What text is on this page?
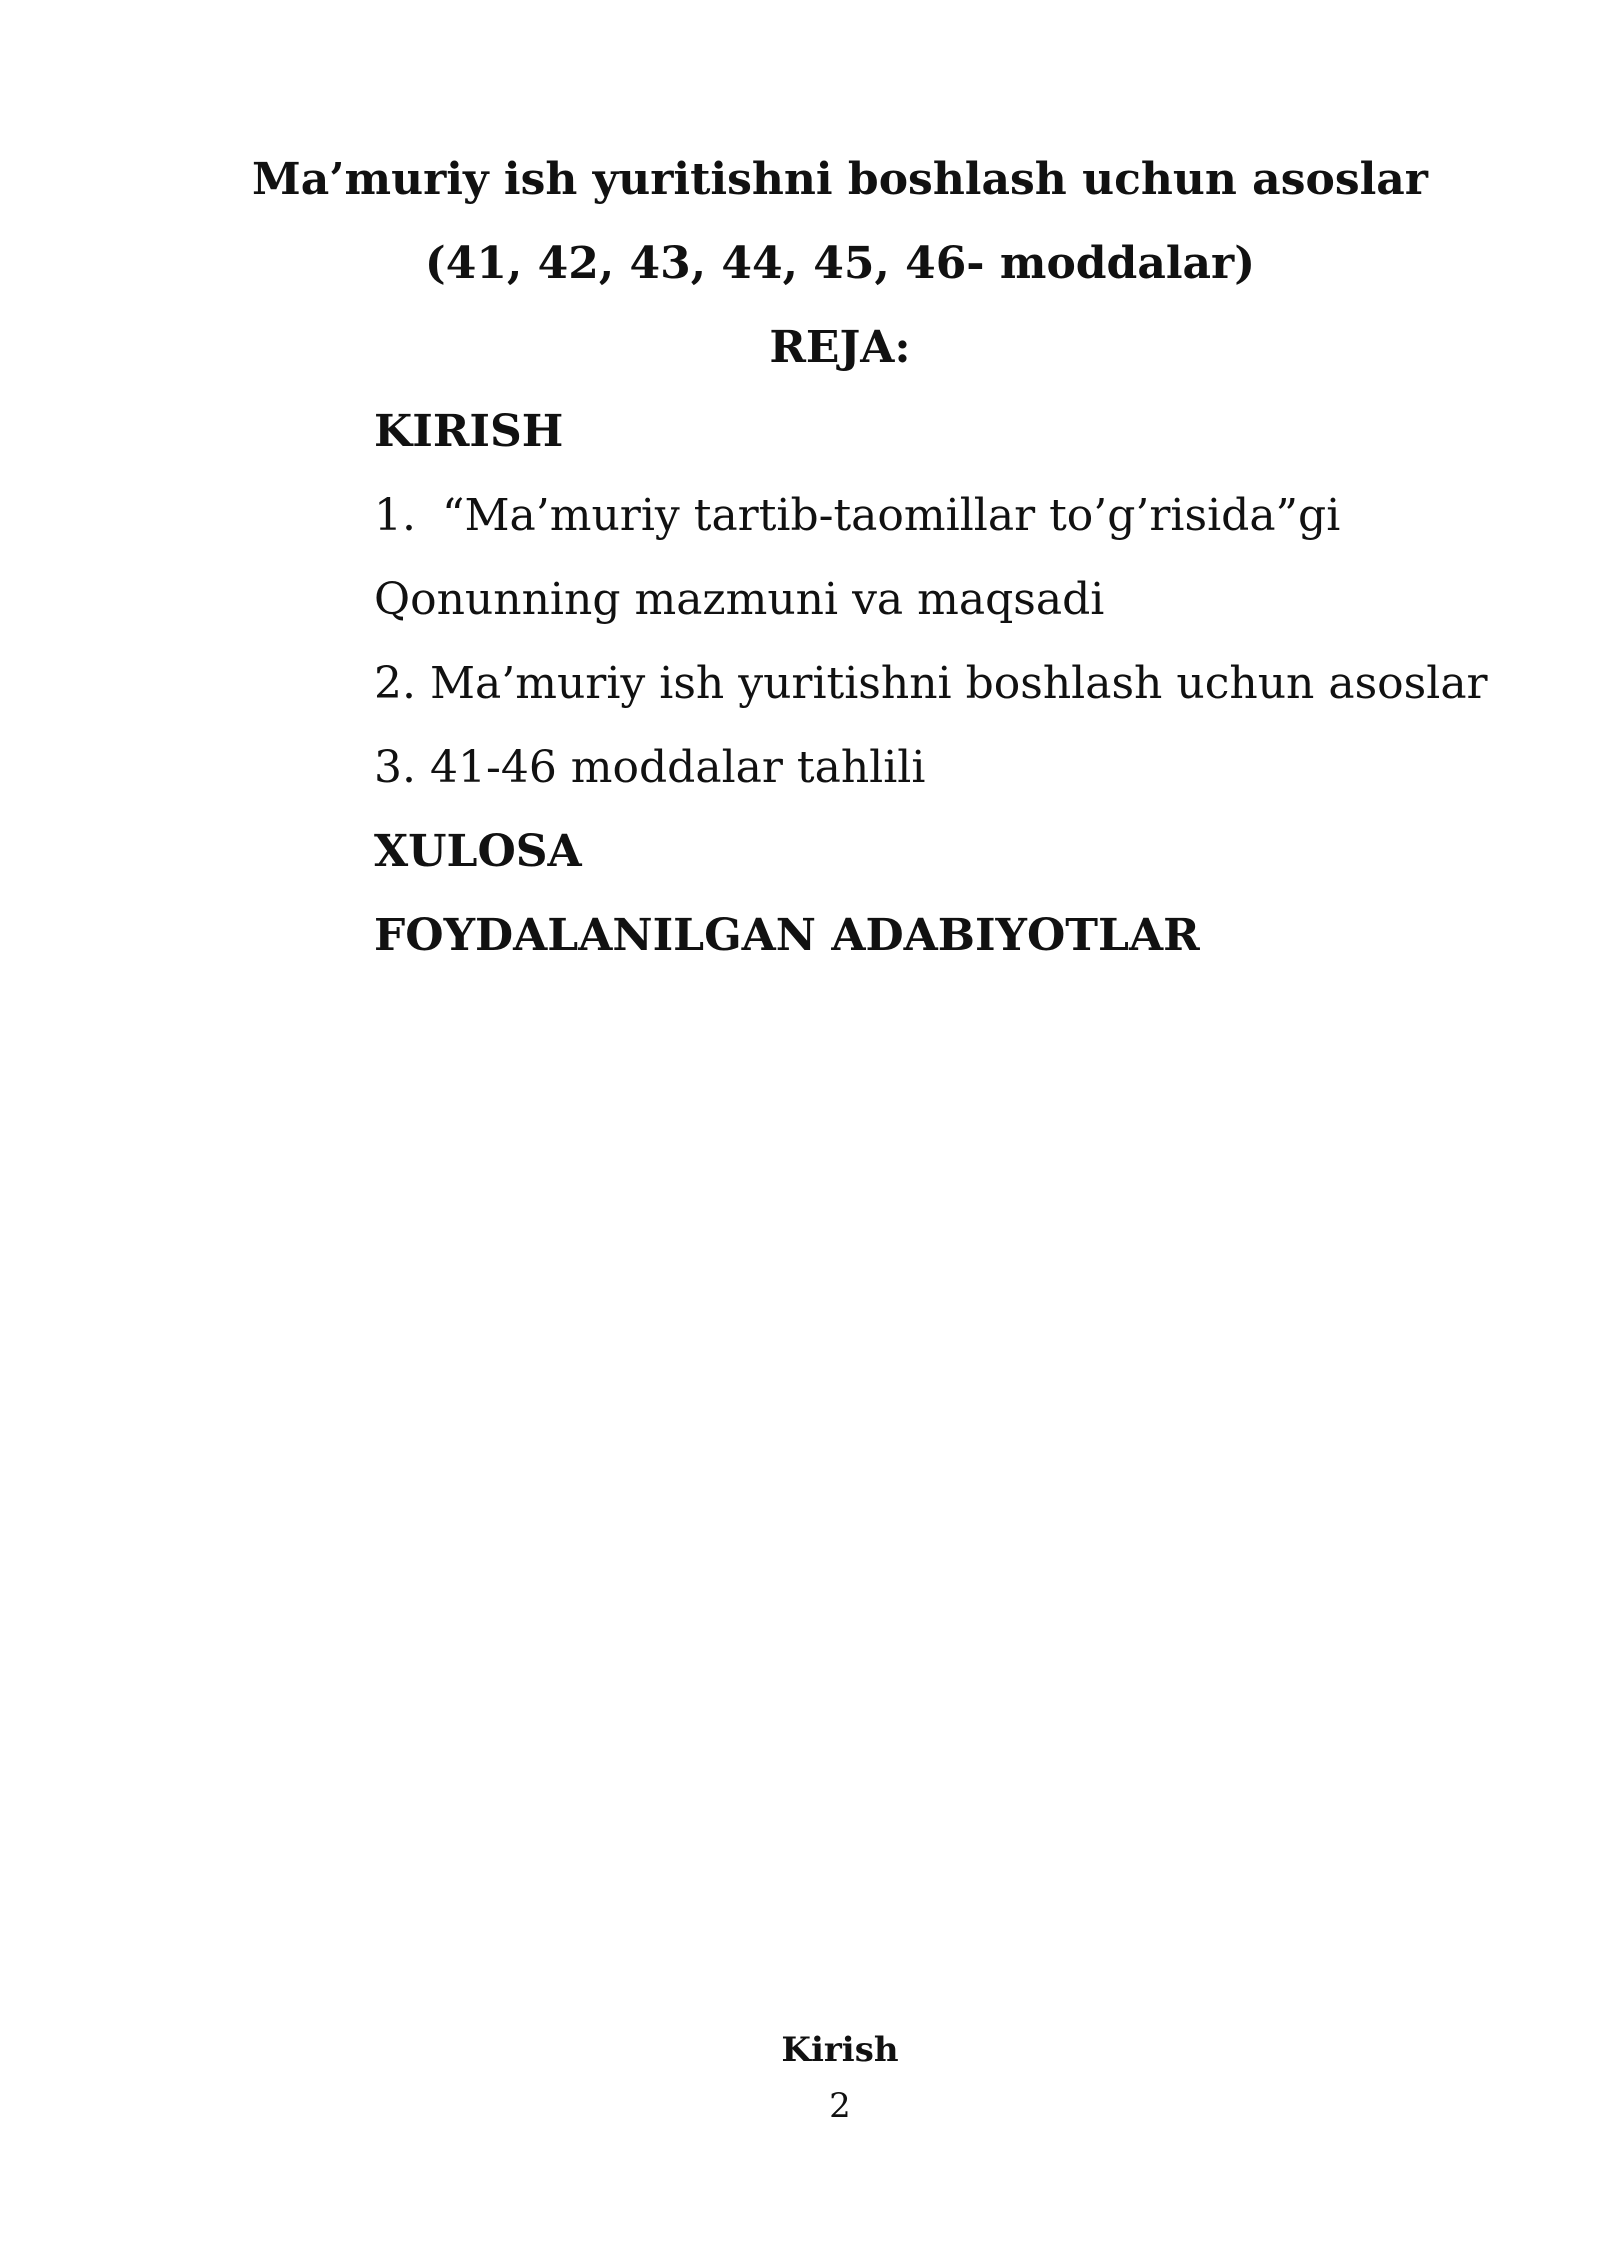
Ma’muriy ish yuritishni boshlash uchun asoslar
(41, 42, 43, 44, 45, 46- moddalar)
REJA:
KIRISH
1. “Ma’muriy tartib-taomillar to’g’risida”gi
Qonunning mazmuni va maqsadi
2. Ma’muriy ish yuritishni boshlash uchun asoslar
3. 41-46 moddalar tahlili
XULOSA
FOYDALANILGAN ADABIYOTLAR
Kirish
2
